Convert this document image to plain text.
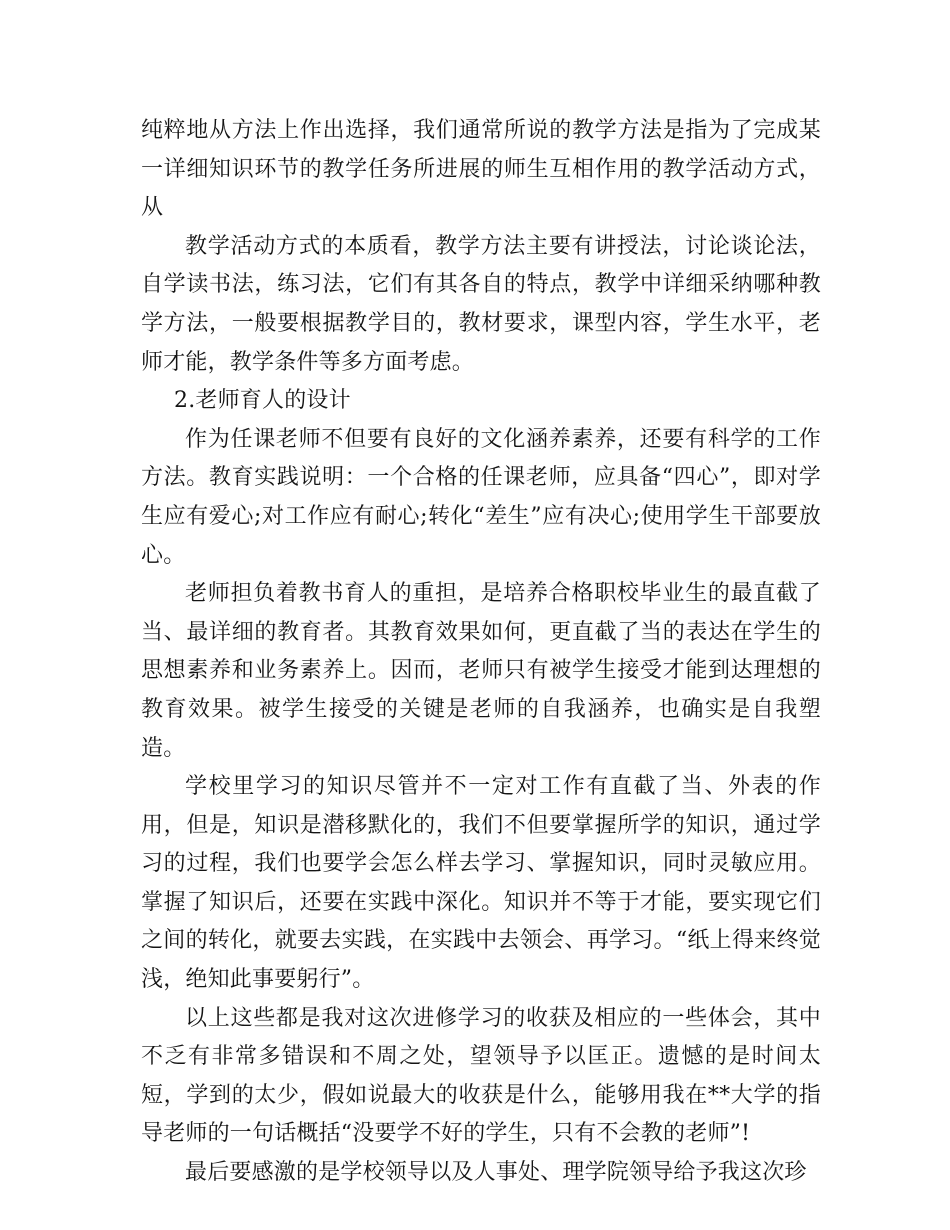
纯粹地从方法上作出选择，我们通常所说的教学方法是指为了完成某一详细知识环节的教学任务所进展的师生互相作用的教学活动方式，从

教学活动方式的本质看，教学方法主要有讲授法，讨论谈论法，自学读书法，练习法，它们有其各自的特点，教学中详细采纳哪种教学方法，一般要根据教学目的，教材要求，课型内容，学生水平，老师才能，教学条件等多方面考虑。

2.老师育人的设计

作为任课老师不但要有良好的文化涵养素养，还要有科学的工作方法。教育实践说明：一个合格的任课老师，应具备“四心”，即对学生应有爱心;对工作应有耐心;转化“差生”应有决心;使用学生干部要放心。

老师担负着教书育人的重担，是培养合格职校毕业生的最直截了当、最详细的教育者。其教育效果如何，更直截了当的表达在学生的思想素养和业务素养上。因而，老师只有被学生接受才能到达理想的教育效果。被学生接受的关键是老师的自我涵养，也确实是自我塑造。

学校里学习的知识尽管并不一定对工作有直截了当、外表的作用，但是，知识是潜移默化的，我们不但要掌握所学的知识，通过学习的过程，我们也要学会怎么样去学习、掌握知识，同时灵敏应用。掌握了知识后，还要在实践中深化。知识并不等于才能，要实现它们之间的转化，就要去实践，在实践中去领会、再学习。“纸上得来终觉浅，绝知此事要躬行”。

以上这些都是我对这次进修学习的收获及相应的一些体会，其中不乏有非常多错误和不周之处，望领导予以匡正。遗憾的是时间太短，学到的太少，假如说最大的收获是什么，能够用我在**大学的指导老师的一句话概括“没要学不好的学生，只有不会教的老师”!

最后要感激的是学校领导以及人事处、理学院领导给予我这次珍
